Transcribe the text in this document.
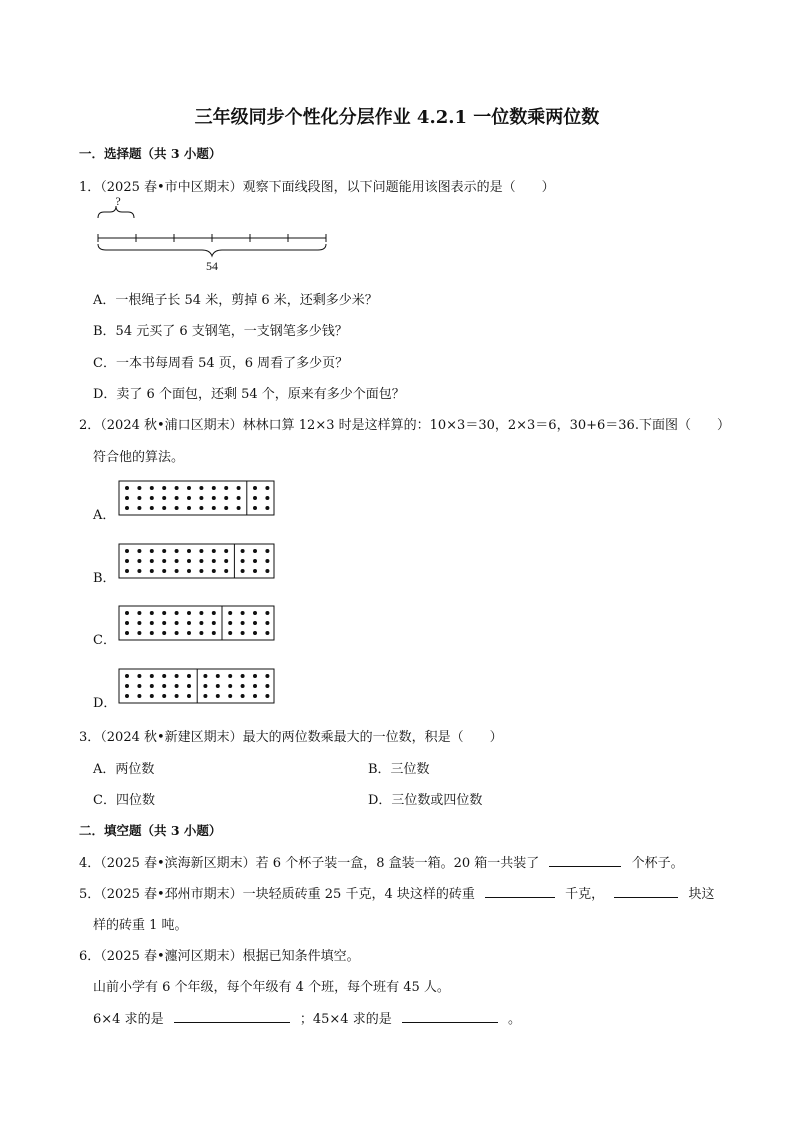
三年级同步个性化分层作业 4.2.1 一位数乘两位数
一．选择题（共 3 小题）
1．（2025 春•市中区期末）观察下面线段图，以下问题能用该图表示的是（　　）
?
54
A．一根绳子长 54 米，剪掉 6 米，还剩多少米？
B．54 元买了 6 支钢笔，一支钢笔多少钱？
C．一本书每周看 54 页，6 周看了多少页？
D．卖了 6 个面包，还剩 54 个，原来有多少个面包？
2．（2024 秋•浦口区期末）林林口算 12×3 时是这样算的：10×3＝30，2×3＝6，30+6＝36.下面图（　　）
符合他的算法。
A．
B．
C．
D．
3．（2024 秋•新建区期末）最大的两位数乘最大的一位数，积是（　　）
A．两位数	B．三位数
C．四位数	D．三位数或四位数
二．填空题（共 3 小题）
4．（2025 春•滨海新区期末）若 6 个杯子装一盒，8 盒装一箱。20 箱一共装了	个杯子。
5．（2025 春•邳州市期末）一块轻质砖重 25 千克，4 块这样的砖重	千克，	块这
样的砖重 1 吨。
6．（2025 春•瀍河区期末）根据已知条件填空。
山前小学有 6 个年级，每个年级有 4 个班，每个班有 45 人。
6×4 求的是	；45×4 求的是	。
